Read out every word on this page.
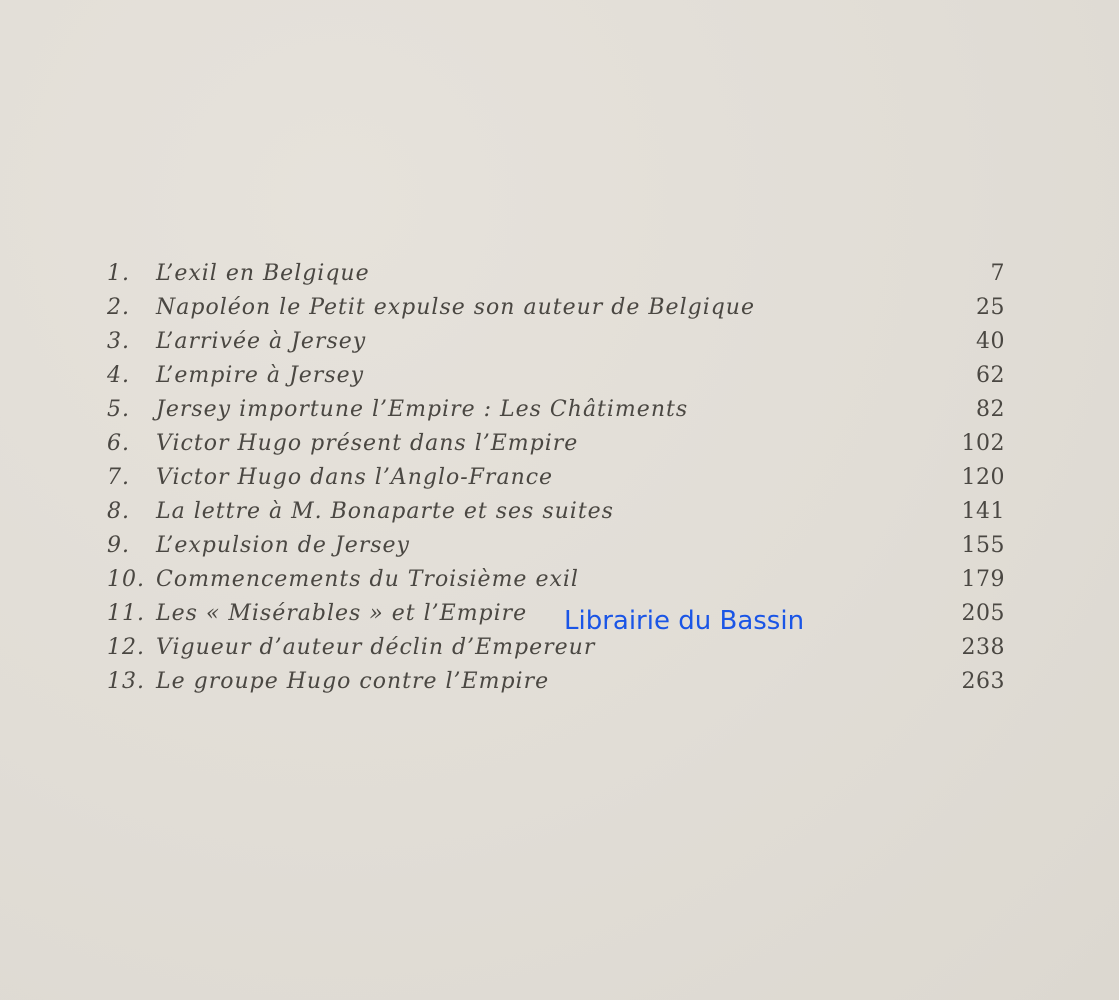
1. L’exil en Belgique	7
2. Napoléon le Petit expulse son auteur de Belgique	25
3. L’arrivée à Jersey	40
4. L’empire à Jersey	62
5. Jersey importune l’Empire : Les Châtiments	82
6. Victor Hugo présent dans l’Empire	102
7. Victor Hugo dans l’Anglo-France	120
8. La lettre à M. Bonaparte et ses suites	141
9. L’expulsion de Jersey	155
10. Commencements du Troisième exil	179
11. Les « Misérables » et l’Empire	205
12. Vigueur d’auteur déclin d’Empereur	238
13. Le groupe Hugo contre l’Empire	263
Librairie du Bassin
